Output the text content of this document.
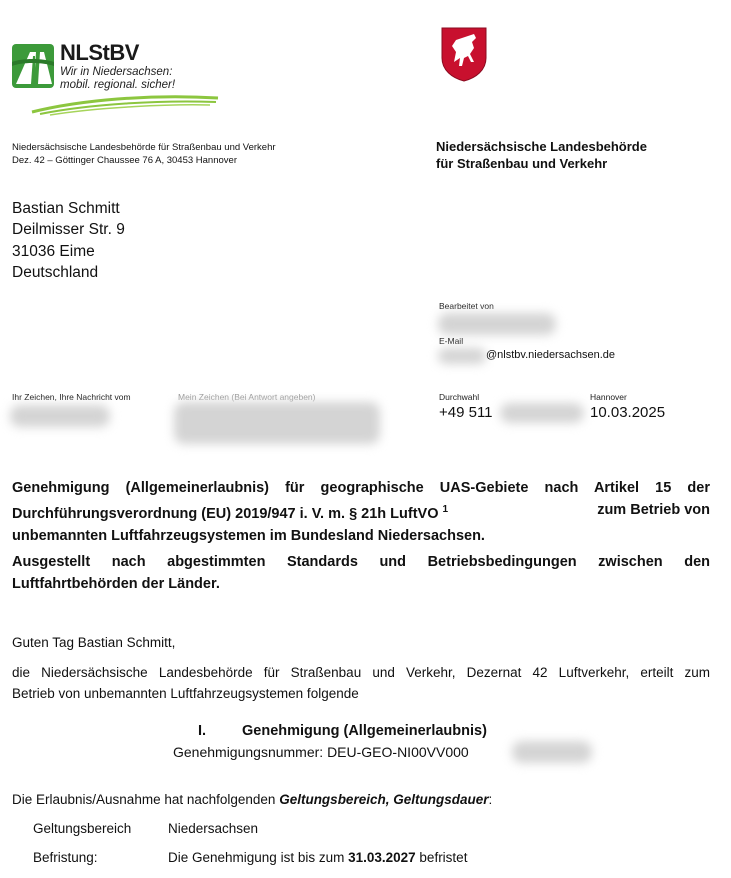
NLStBV
Wir in Niedersachsen:
mobil. regional. sicher!
Niedersächsische Landesbehörde für Straßenbau und Verkehr
Dez. 42 – Göttinger Chaussee 76 A, 30453 Hannover
Niedersächsische Landesbehörde
für Straßenbau und Verkehr
Bastian Schmitt
Deilmisser Str. 9
31036 Eime
Deutschland
Bearbeitet von
E-Mail
@nlstbv.niedersachsen.de
Ihr Zeichen, Ihre Nachricht vom	Mein Zeichen (Bei Antwort angeben)	Durchwahl
+49 511
Hannover
10.03.2025
Genehmigung (Allgemeinerlaubnis) für geographische UAS-Gebiete nach Artikel 15 der
Durchführungsverordnung (EU) 2019/947 i. V. m. § 21h LuftVO $^1$	zum Betrieb von
unbemannten Luftfahrzeugsystemen im Bundesland Niedersachsen.
Ausgestellt nach abgestimmten Standards und Betriebsbedingungen zwischen den
Luftfahrtbehörden der Länder.
Guten Tag Bastian Schmitt,
die Niedersächsische Landesbehörde für Straßenbau und Verkehr, Dezernat 42 Luftverkehr, erteilt zum
Betrieb von unbemannten Luftfahrzeugsystemen folgende
I. Genehmigung (Allgemeinerlaubnis)
Genehmigungsnummer: DEU-GEO-NI00VV000
Die Erlaubnis/Ausnahme hat nachfolgenden Geltungsbereich, Geltungsdauer:
Geltungsbereich	Niedersachsen
Befristung:	Die Genehmigung ist bis zum 31.03.2027 befristet
